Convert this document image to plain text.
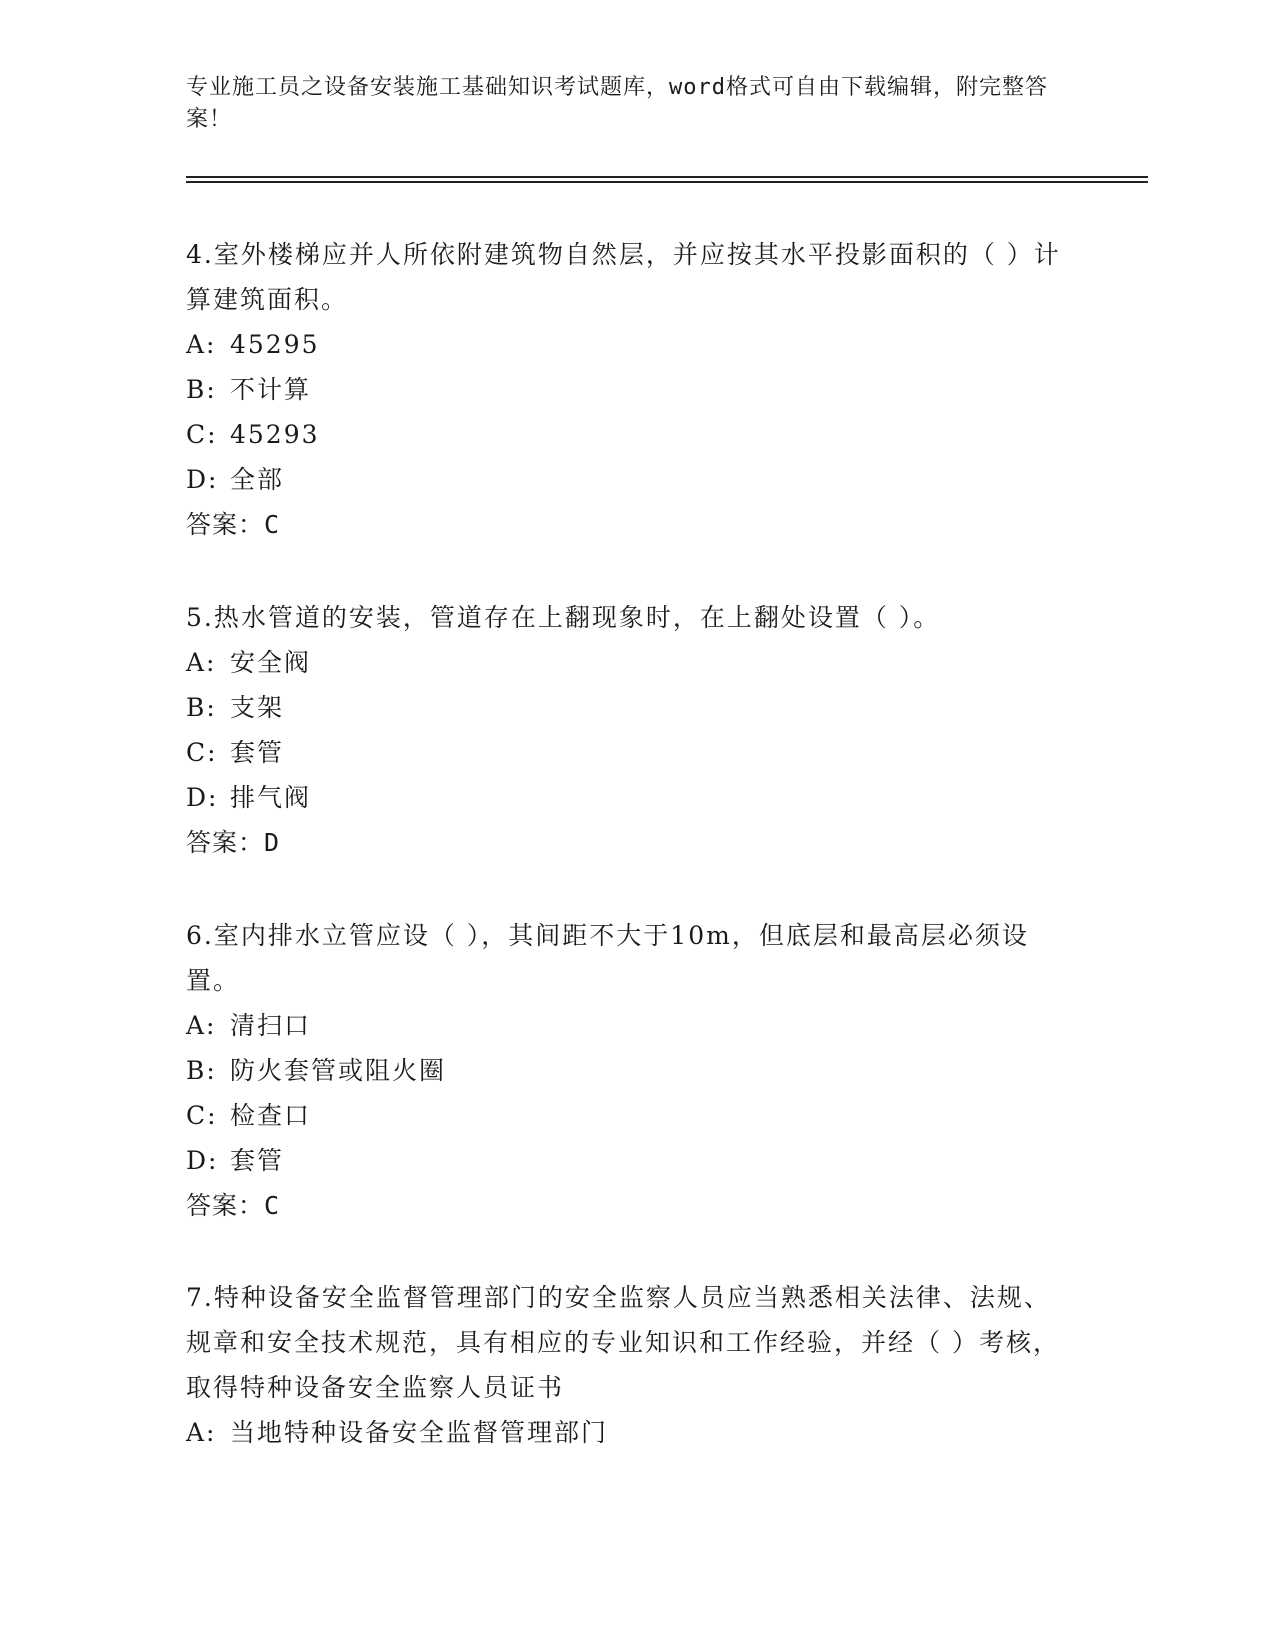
专业施工员之设备安装施工基础知识考试题库，word格式可自由下载编辑，附完整答案！

4.室外楼梯应并人所依附建筑物自然层，并应按其水平投影面积的（ ）计算建筑面积。

A: 45295

B: 不计算

C: 45293

D: 全部

答案：C

5.热水管道的安装，管道存在上翻现象时，在上翻处设置（ ）。

A: 安全阀

B: 支架

C: 套管

D: 排气阀

答案：D

6.室内排水立管应设（ ），其间距不大于10m，但底层和最高层必须设置。

A: 清扫口

B: 防火套管或阻火圈

C: 检查口

D: 套管

答案：C

7.特种设备安全监督管理部门的安全监察人员应当熟悉相关法律、法规、规章和安全技术规范，具有相应的专业知识和工作经验，并经（ ）考核，取得特种设备安全监察人员证书

A: 当地特种设备安全监督管理部门
